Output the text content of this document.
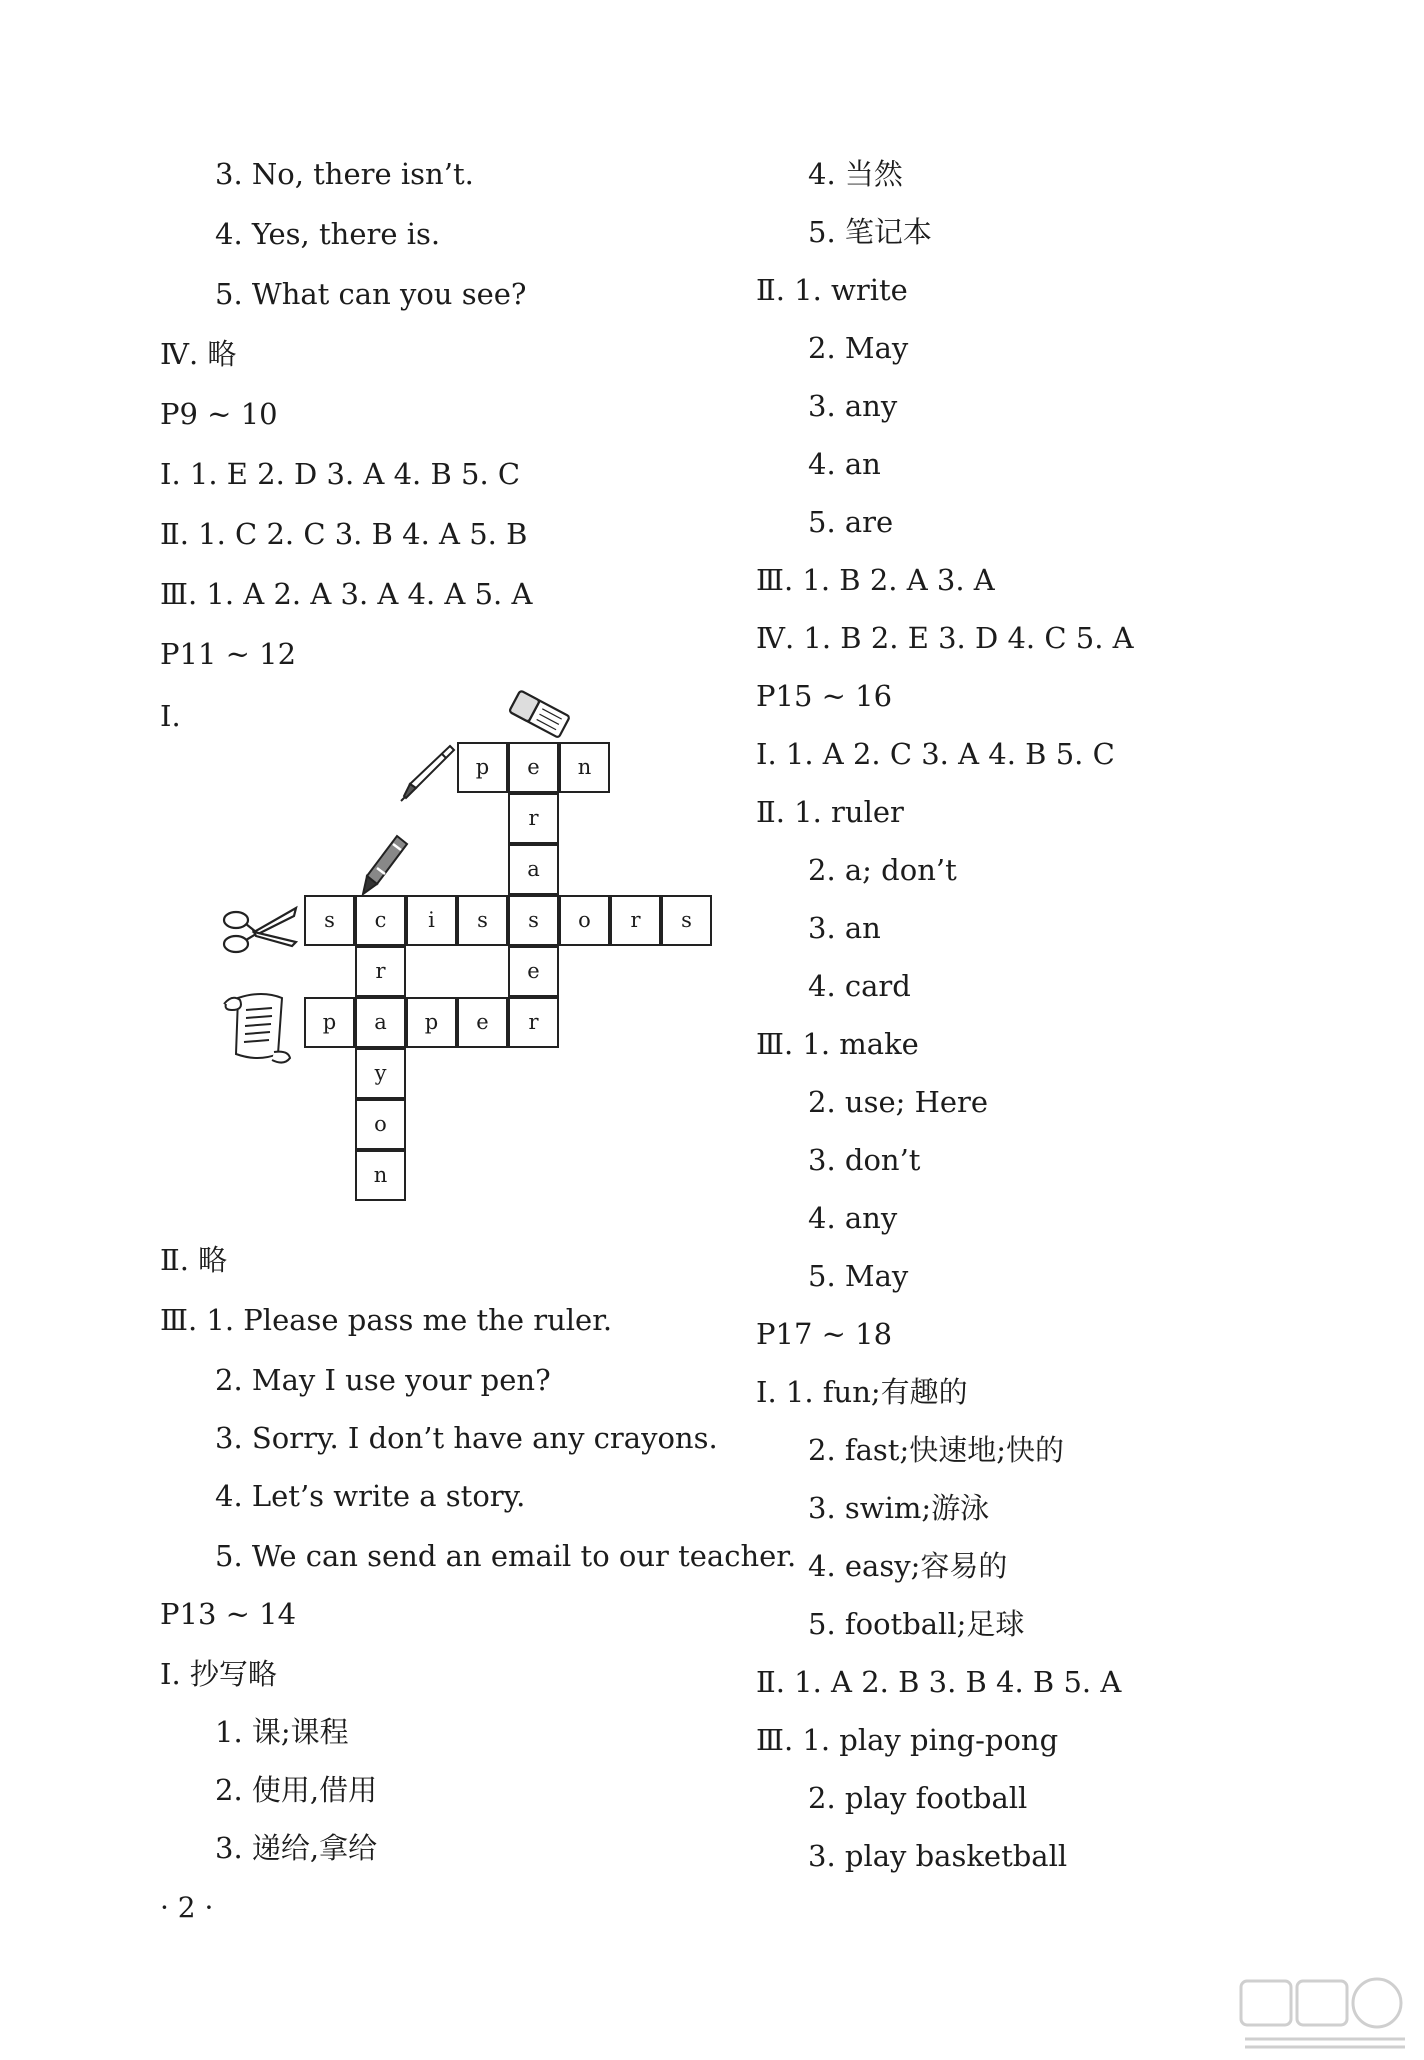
3. No, there isn’t.
4. Yes, there is.
5. What can you see?
Ⅳ. 略
P9 ~ 10
Ⅰ. 1. E 2. D 3. A 4. B 5. C
Ⅱ. 1. C 2. C 3. B 4. A 5. B
Ⅲ. 1. A 2. A 3. A 4. A 5. A
P11 ~ 12
Ⅰ.
Ⅱ. 略
Ⅲ. 1. Please pass me the ruler.
2. May I use your pen?
3. Sorry. I don’t have any crayons.
4. Let’s write a story.
5. We can send an email to our teacher.
P13 ~ 14
Ⅰ. 抄写略
1. 课;课程
2. 使用,借用
3. 递给,拿给
p	e	n
r
a
s	c	i	s	s	o	r	s
r	e
p	a	p	e	r
y
o
n
4. 当然
5. 笔记本
Ⅱ. 1. write
2. May
3. any
4. an
5. are
Ⅲ. 1. B 2. A 3. A
Ⅳ. 1. B 2. E 3. D 4. C 5. A
P15 ~ 16
Ⅰ. 1. A 2. C 3. A 4. B 5. C
Ⅱ. 1. ruler
2. a; don’t
3. an
4. card
Ⅲ. 1. make
2. use; Here
3. don’t
4. any
5. May
P17 ~ 18
Ⅰ. 1. fun;有趣的
2. fast;快速地;快的
3. swim;游泳
4. easy;容易的
5. football;足球
Ⅱ. 1. A 2. B 3. B 4. B 5. A
Ⅲ. 1. play ping-pong
2. play football
3. play basketball
· 2 ·
